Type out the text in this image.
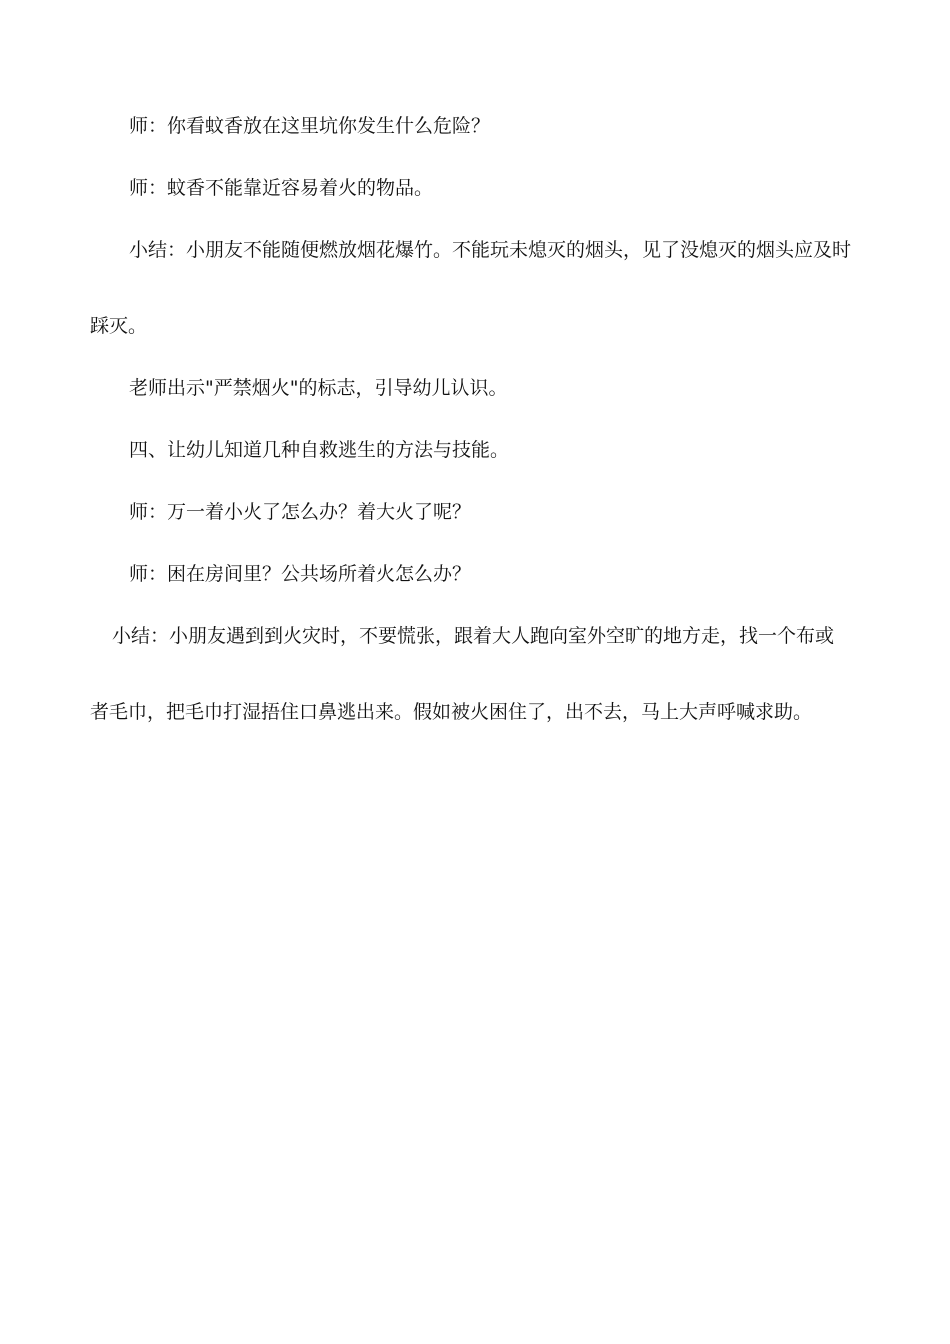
师：你看蚊香放在这里坑你发生什么危险？
师：蚊香不能靠近容易着火的物品。
小结：小朋友不能随便燃放烟花爆竹。不能玩未熄灭的烟头，见了没熄灭的烟头应及时
踩灭。
老师出示"严禁烟火"的标志，引导幼儿认识。
四、让幼儿知道几种自救逃生的方法与技能。
师：万一着小火了怎么办？着大火了呢？
师：困在房间里？公共场所着火怎么办？
小结：小朋友遇到到火灾时，不要慌张，跟着大人跑向室外空旷的地方走，找一个布或
者毛巾，把毛巾打湿捂住口鼻逃出来。假如被火困住了，出不去，马上大声呼喊求助。
